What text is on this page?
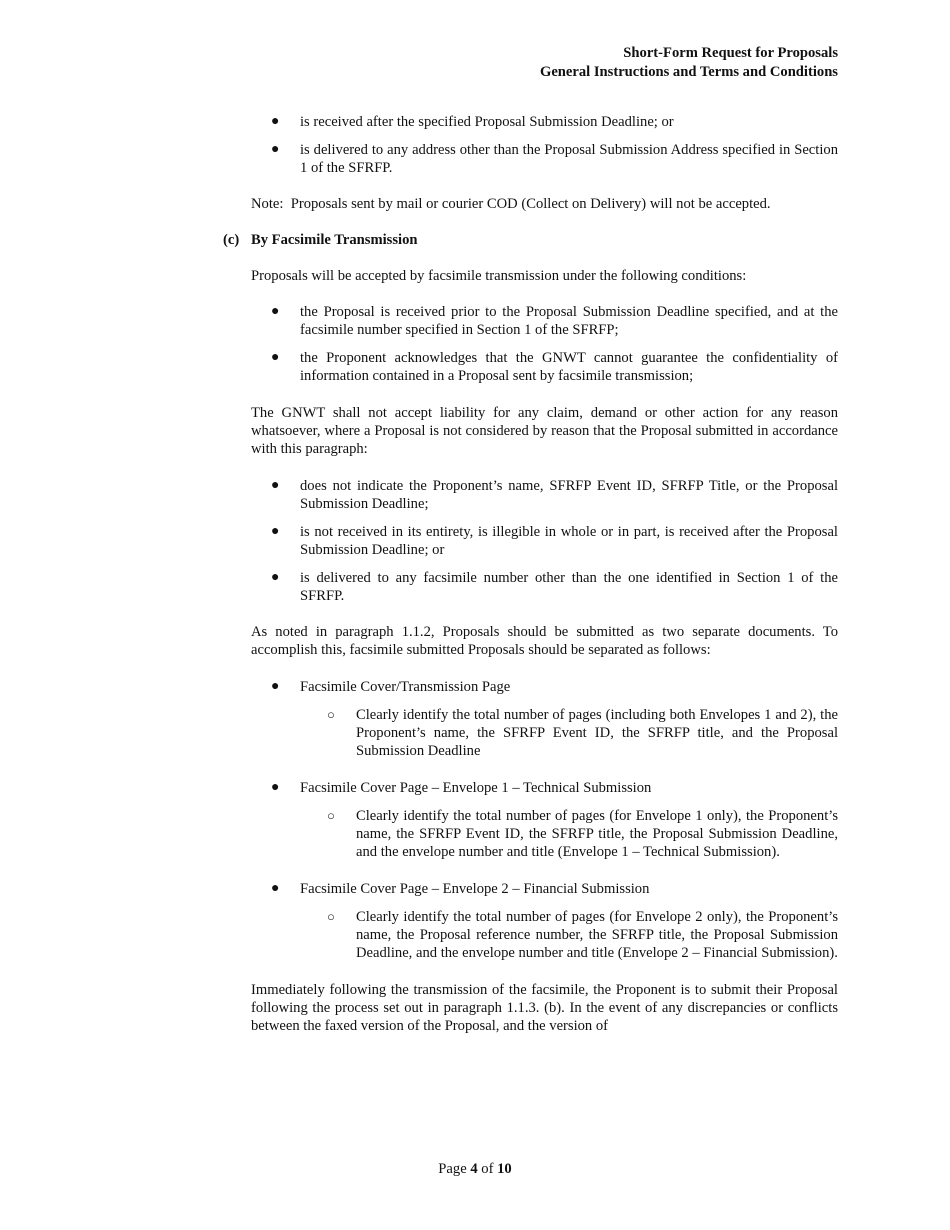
Short-Form Request for Proposals
General Instructions and Terms and Conditions
● is received after the specified Proposal Submission Deadline; or
● is delivered to any address other than the Proposal Submission Address specified in Section 1 of the SFRFP.

Note:  Proposals sent by mail or courier COD (Collect on Delivery) will not be accepted.

(c) By Facsimile Transmission

Proposals will be accepted by facsimile transmission under the following conditions:

● the Proposal is received prior to the Proposal Submission Deadline specified, and at the facsimile number specified in Section 1 of the SFRFP;
● the Proponent acknowledges that the GNWT cannot guarantee the confidentiality of information contained in a Proposal sent by facsimile transmission;

The GNWT shall not accept liability for any claim, demand or other action for any reason whatsoever, where a Proposal is not considered by reason that the Proposal submitted in accordance with this paragraph:

● does not indicate the Proponent’s name, SFRFP Event ID, SFRFP Title, or the Proposal Submission Deadline;
● is not received in its entirety, is illegible in whole or in part, is received after the Proposal Submission Deadline; or
● is delivered to any facsimile number other than the one identified in Section 1 of the SFRFP.

As noted in paragraph 1.1.2, Proposals should be submitted as two separate documents. To accomplish this, facsimile submitted Proposals should be separated as follows:

● Facsimile Cover/Transmission Page
○ Clearly identify the total number of pages (including both Envelopes 1 and 2), the Proponent’s name, the SFRFP Event ID, the SFRFP title, and the Proposal Submission Deadline
● Facsimile Cover Page – Envelope 1 – Technical Submission
○ Clearly identify the total number of pages (for Envelope 1 only), the Proponent’s name, the SFRFP Event ID, the SFRFP title, the Proposal Submission Deadline, and the envelope number and title (Envelope 1 – Technical Submission).
● Facsimile Cover Page – Envelope 2 – Financial Submission
○ Clearly identify the total number of pages (for Envelope 2 only), the Proponent’s name, the Proposal reference number, the SFRFP title, the Proposal Submission Deadline, and the envelope number and title (Envelope 2 – Financial Submission).

Immediately following the transmission of the facsimile, the Proponent is to submit their Proposal following the process set out in paragraph 1.1.3. (b). In the event of any discrepancies or conflicts between the faxed version of the Proposal, and the version of

Page 4 of 10
